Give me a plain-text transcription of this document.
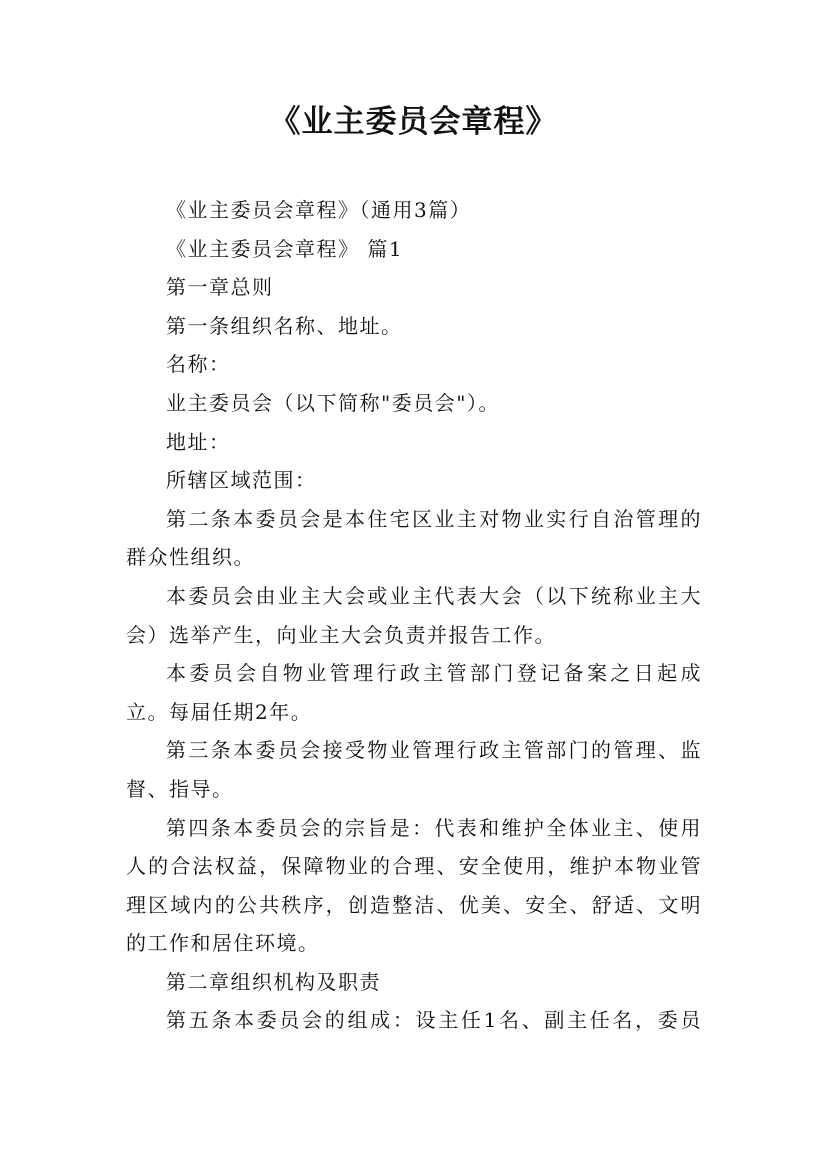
《业主委员会章程》

《业主委员会章程》（通用3篇）

《业主委员会章程》 篇1

第一章总则

第一条组织名称、地址。

名称：

业主委员会（以下简称"委员会"）。

地址：

所辖区域范围：

第二条本委员会是本住宅区业主对物业实行自治管理的群众性组织。

本委员会由业主大会或业主代表大会（以下统称业主大会）选举产生，向业主大会负责并报告工作。

本委员会自物业管理行政主管部门登记备案之日起成立。每届任期2年。

第三条本委员会接受物业管理行政主管部门的管理、监督、指导。

第四条本委员会的宗旨是：代表和维护全体业主、使用人的合法权益，保障物业的合理、安全使用，维护本物业管理区域内的公共秩序，创造整洁、优美、安全、舒适、文明的工作和居住环境。

第二章组织机构及职责

第五条本委员会的组成：设主任1名、副主任名，委员
